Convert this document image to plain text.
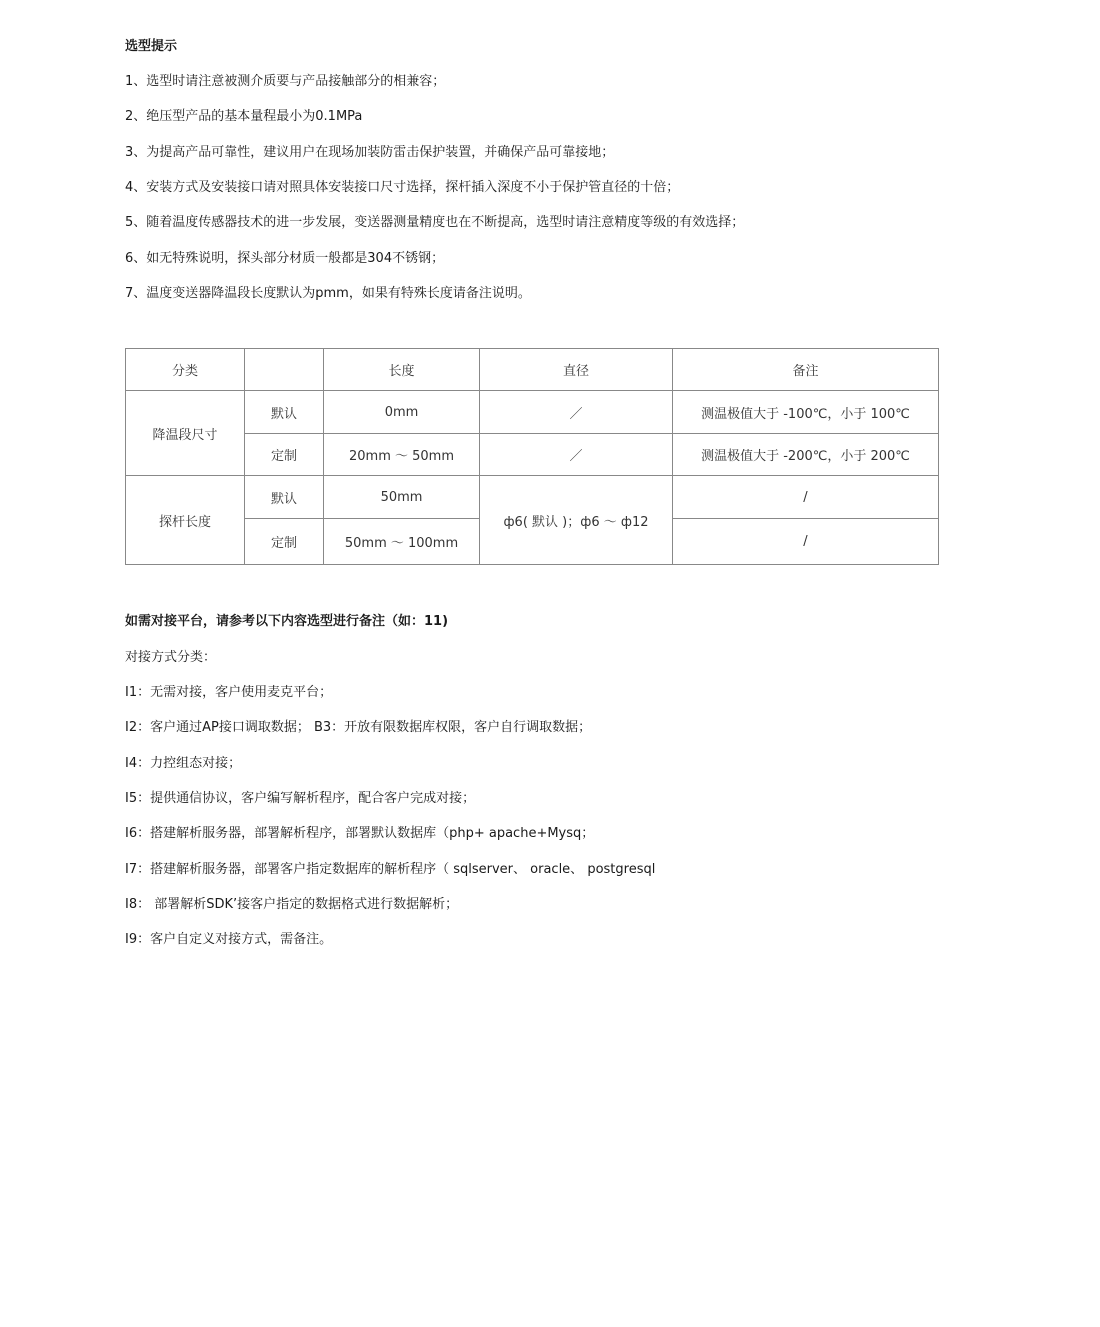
选型提示
1、选型时请注意被测介质要与产品接触部分的相兼容；
2、绝压型产品的基本量程最小为0.1MPa
3、为提高产品可靠性，建议用户在现场加装防雷击保护装置，并确保产品可靠接地；
4、安装方式及安装接口请对照具体安装接口尺寸选择，探杆插入深度不小于保护管直径的十倍；
5、随着温度传感器技术的进一步发展，变送器测量精度也在不断提高，选型时请注意精度等级的有效选择；
6、如无特殊说明，探头部分材质一般都是304不锈钢；
7、温度变送器降温段长度默认为pmm，如果有特殊长度请备注说明。
分类		长度	直径	备注
降温段尺寸	默认	0mm	／	测温极值大于 -100℃，小于 100℃
	定制	20mm ～ 50mm	／	测温极值大于 -200℃，小于 200℃
探杆长度	默认	50mm	ф6( 默认 )；ф6 ～ ф12	/
	定制	50mm ～ 100mm		/
如需对接平台，请参考以下内容选型进行备注（如：11)
对接方式分类：
I1：无需对接，客户使用麦克平台；
I2：客户通过AP接口调取数据； B3：开放有限数据库权限，客户自行调取数据；
I4：力控组态对接；
I5：提供通信协议，客户编写解析程序，配合客户完成对接；
I6：搭建解析服务器，部署解析程序，部署默认数据库（php+ apache+Mysq；
I7：搭建解析服务器，部署客户指定数据库的解析程序（ sqlserver、 oracle、 postgresql
I8： 部署解析SDK’接客户指定的数据格式进行数据解析；
I9：客户自定义对接方式，需备注。
